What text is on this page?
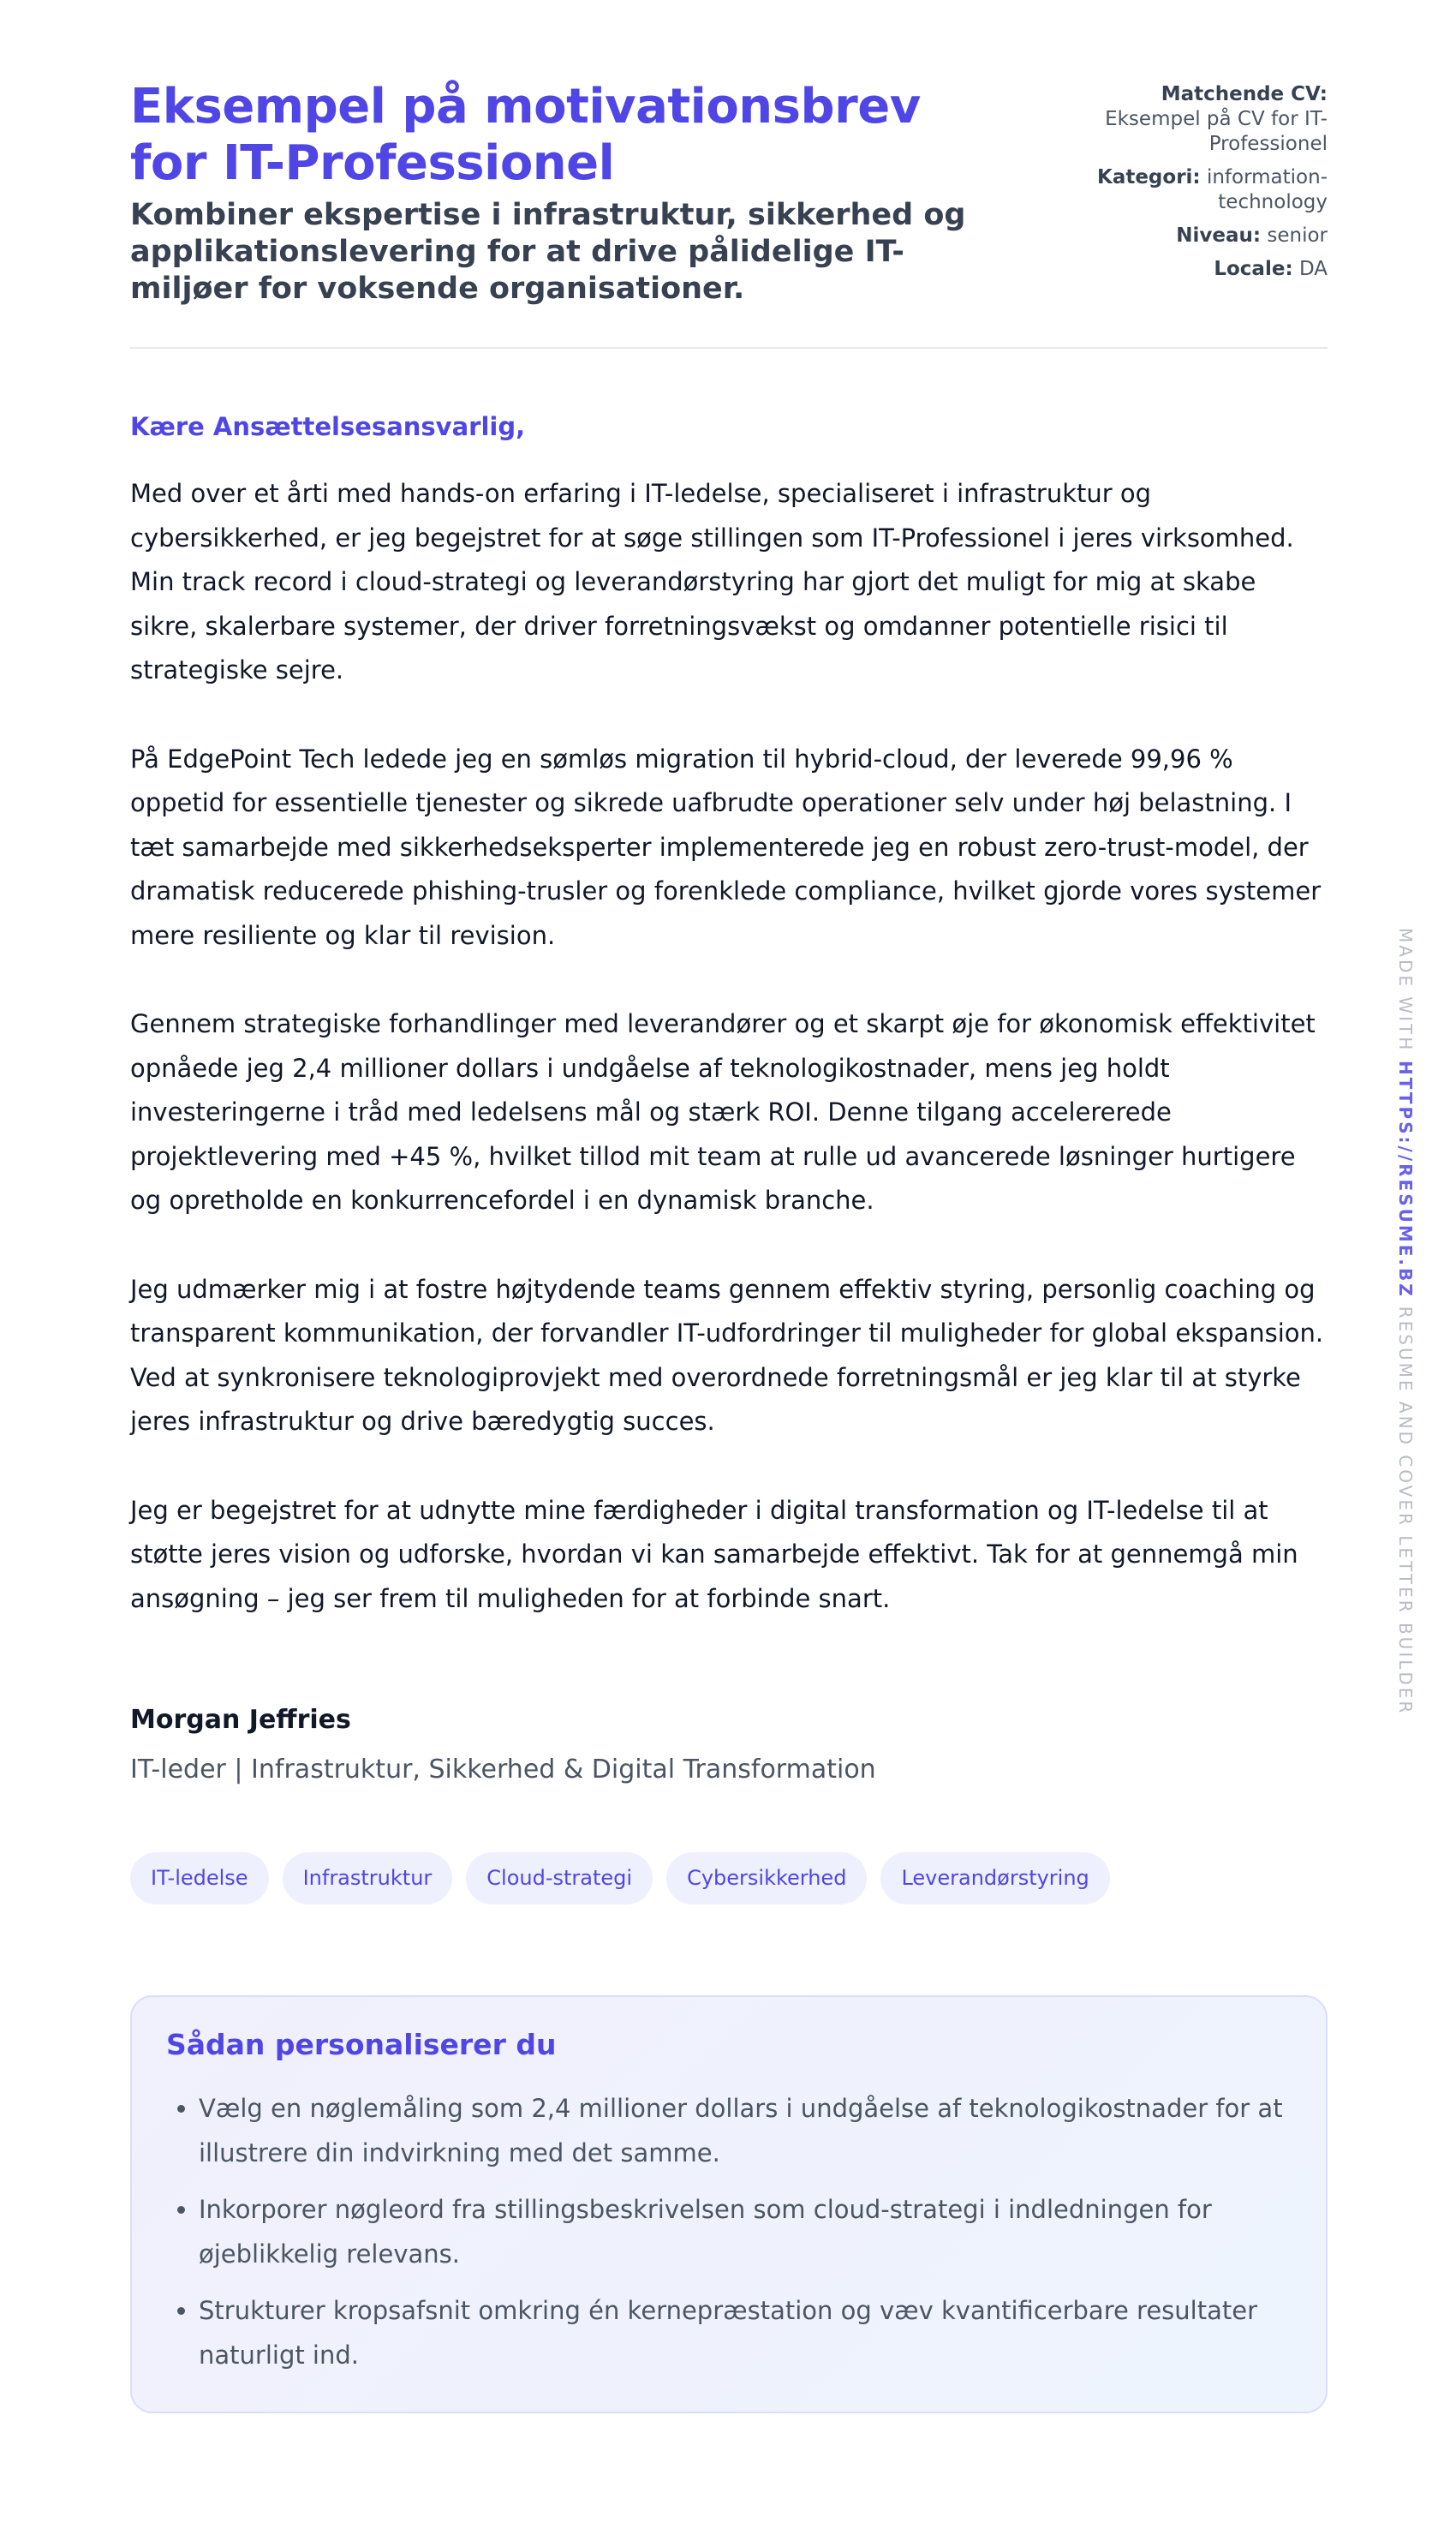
Eksempel på motivationsbrev for IT-Professionel
Kombiner ekspertise i infrastruktur, sikkerhed og applikationslevering for at drive pålidelige IT-miljøer for voksende organisationer.
Matchende CV:
Eksempel på CV for IT-Professionel
Kategori: information-technology
Niveau: senior
Locale: DA

Kære Ansættelsesansvarlig,

Med over et årti med hands-on erfaring i IT-ledelse, specialiseret i infrastruktur og cybersikkerhed, er jeg begejstret for at søge stillingen som IT-Professionel i jeres virksomhed. Min track record i cloud-strategi og leverandørstyring har gjort det muligt for mig at skabe sikre, skalerbare systemer, der driver forretningsvækst og omdanner potentielle risici til strategiske sejre.

På EdgePoint Tech ledede jeg en sømløs migration til hybrid-cloud, der leverede 99,96 % oppetid for essentielle tjenester og sikrede uafbrudte operationer selv under høj belastning. I tæt samarbejde med sikkerhedseksperter implementerede jeg en robust zero-trust-model, der dramatisk reducerede phishing-trusler og forenklede compliance, hvilket gjorde vores systemer mere resiliente og klar til revision.

Gennem strategiske forhandlinger med leverandører og et skarpt øje for økonomisk effektivitet opnåede jeg 2,4 millioner dollars i undgåelse af teknologikostnader, mens jeg holdt investeringerne i tråd med ledelsens mål og stærk ROI. Denne tilgang accelererede projektlevering med +45 %, hvilket tillod mit team at rulle ud avancerede løsninger hurtigere og opretholde en konkurrencefordel i en dynamisk branche.

Jeg udmærker mig i at fostre højtydende teams gennem effektiv styring, personlig coaching og transparent kommunikation, der forvandler IT-udfordringer til muligheder for global ekspansion. Ved at synkronisere teknologiprovjekt med overordnede forretningsmål er jeg klar til at styrke jeres infrastruktur og drive bæredygtig succes.

Jeg er begejstret for at udnytte mine færdigheder i digital transformation og IT-ledelse til at støtte jeres vision og udforske, hvordan vi kan samarbejde effektivt. Tak for at gennemgå min ansøgning – jeg ser frem til muligheden for at forbinde snart.

Morgan Jeffries
IT-leder | Infrastruktur, Sikkerhed & Digital Transformation
IT-ledelse	Infrastruktur	Cloud-strategi	Cybersikkerhed	Leverandørstyring
Sådan personaliserer du
• Vælg en nøglemåling som 2,4 millioner dollars i undgåelse af teknologikostnader for at illustrere din indvirkning med det samme.
• Inkorporer nøgleord fra stillingsbeskrivelsen som cloud-strategi i indledningen for øjeblikkelig relevans.
• Strukturer kropsafsnit omkring én kernepræstation og væv kvantificerbare resultater naturligt ind.
MADE WITH HTTPS://RESUME.BZ RESUME AND COVER LETTER BUILDER
